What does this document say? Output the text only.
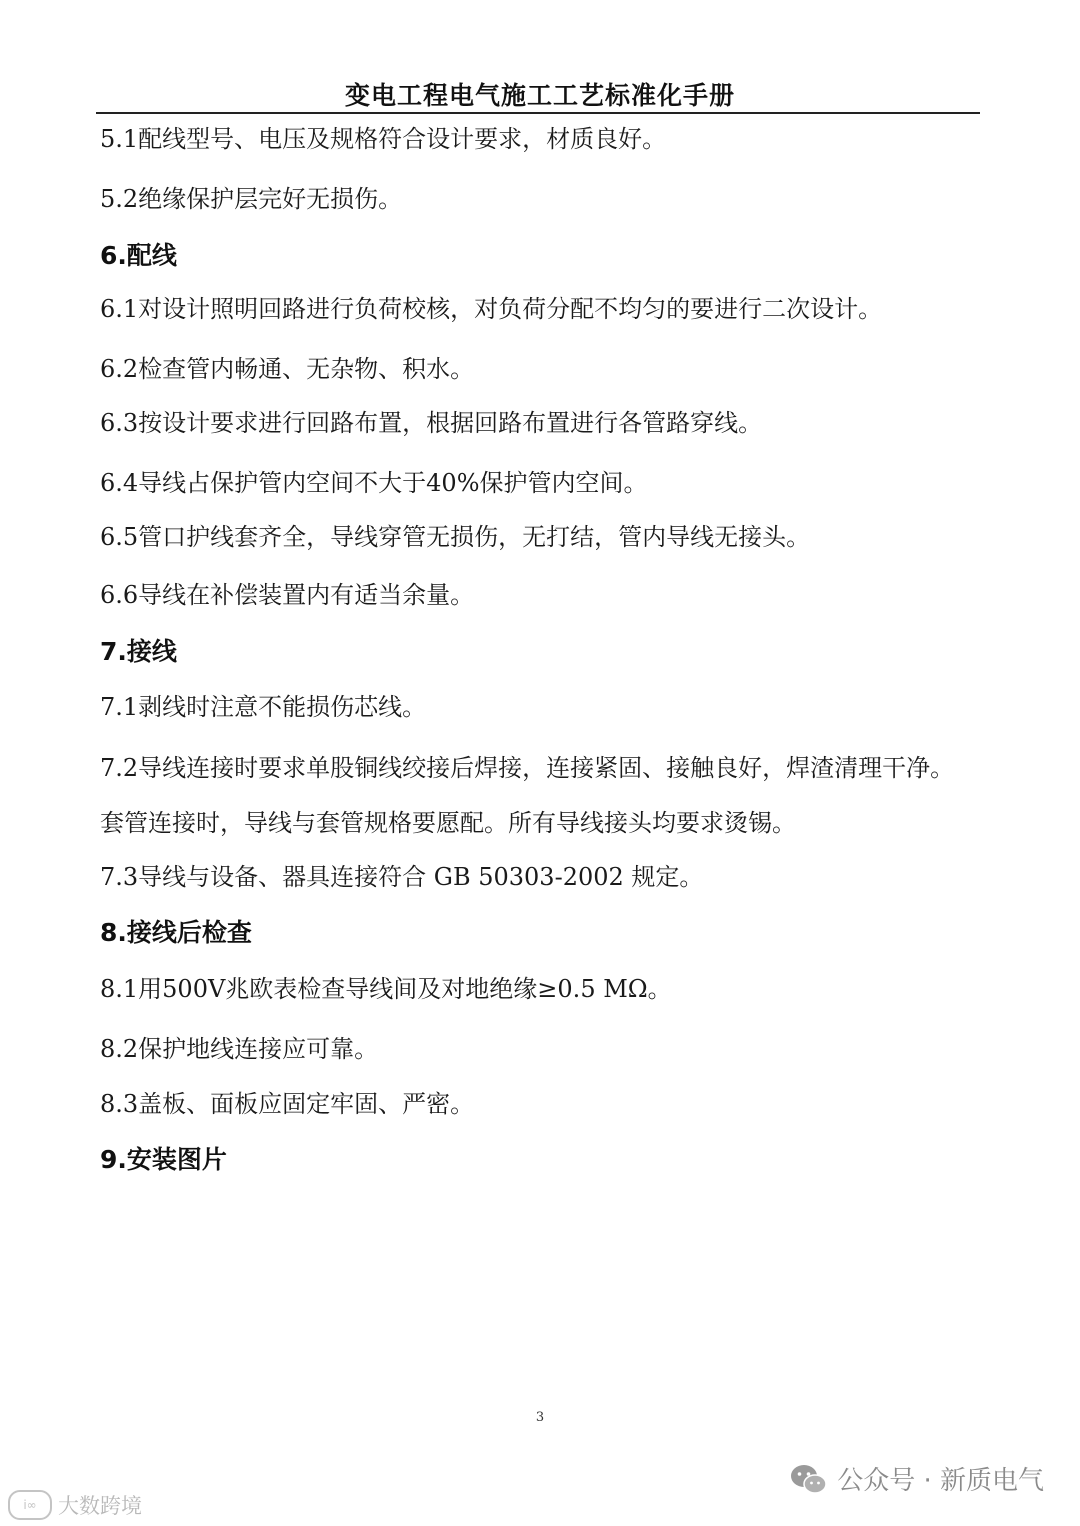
变电工程电气施工工艺标准化手册
5.1配线型号、电压及规格符合设计要求，材质良好。
5.2绝缘保护层完好无损伤。
6.配线
6.1对设计照明回路进行负荷校核，对负荷分配不均匀的要进行二次设计。
6.2检查管内畅通、无杂物、积水。
6.3按设计要求进行回路布置，根据回路布置进行各管路穿线。
6.4导线占保护管内空间不大于40%保护管内空间。
6.5管口护线套齐全，导线穿管无损伤，无打结，管内导线无接头。
6.6导线在补偿装置内有适当余量。
7.接线
7.1剥线时注意不能损伤芯线。
7.2导线连接时要求单股铜线绞接后焊接，连接紧固、接触良好，焊渣清理干净。
套管连接时，导线与套管规格要愿配。所有导线接头均要求烫锡。
7.3导线与设备、器具连接符合 GB 50303-2002 规定。
8.接线后检查
8.1用500V兆欧表检查导线间及对地绝缘≥0.5 MΩ。
8.2保护地线连接应可靠。
8.3盖板、面板应固定牢固、严密。
9.安装图片
3
i∞	大数跨境
公众号 · 新质电气
